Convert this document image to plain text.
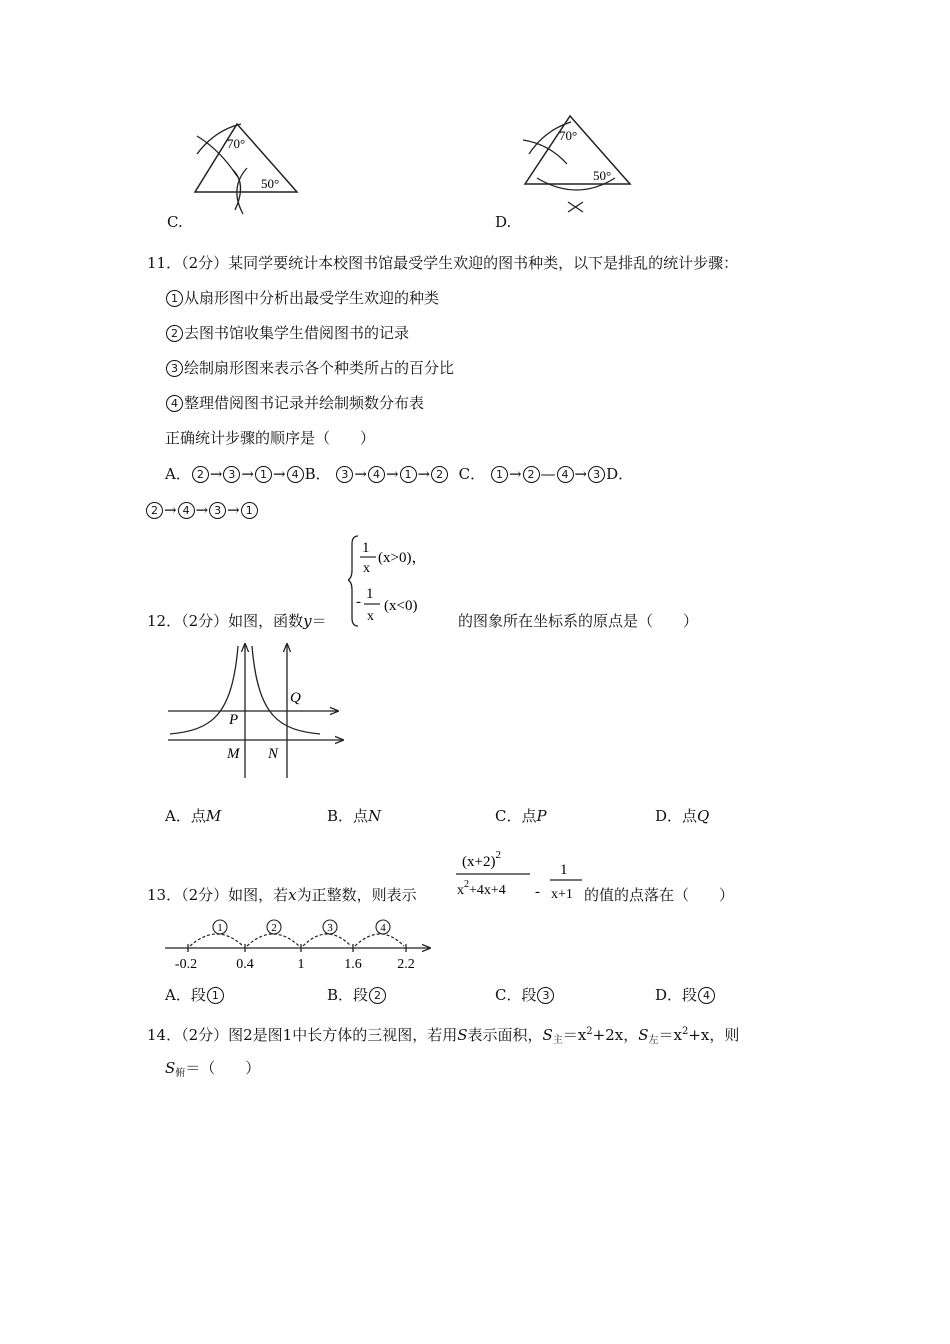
70°
50°
C.
70°
50°
D.
11．（2分）某同学要统计本校图书馆最受学生欢迎的图书种类，以下是排乱的统计步骤：
1 从扇形图中分析出最受学生欢迎的种类
2 去图书馆收集学生借阅图书的记录
3 绘制扇形图来表示各个种类所占的百分比
4 整理借阅图书记录并绘制频数分布表
正确统计步骤的顺序是（　　）
A． 2 → 3 → 1 → 4 B． 3 → 4 → 1 → 2 C． 1 → 2 — 4 → 3 D．
2 → 4 → 3 → 1
12．（2分）如图，函数y＝
1
x
(x>0)，
- 1
x
(x<0)
的图象所在坐标系的原点是（　　）
Q
P
M N
A．点M	B．点N	C．点P	D．点Q
13．（2分）如图，若x为正整数，则表示
$(x+2)^2$
$x^2+4x+4$ -
1
x+1 的值的点落在（　　）
1	2	3	4
-0.2	0.4	1	1.6	2.2
A．段 1	B．段 2	C．段 3	D．段 4
14．（2分）图2是图1中长方体的三视图，若用S表示面积，$S_主=x^2+2x$，$S_左=x^2+x$，则
$S_俯=$（　　）
